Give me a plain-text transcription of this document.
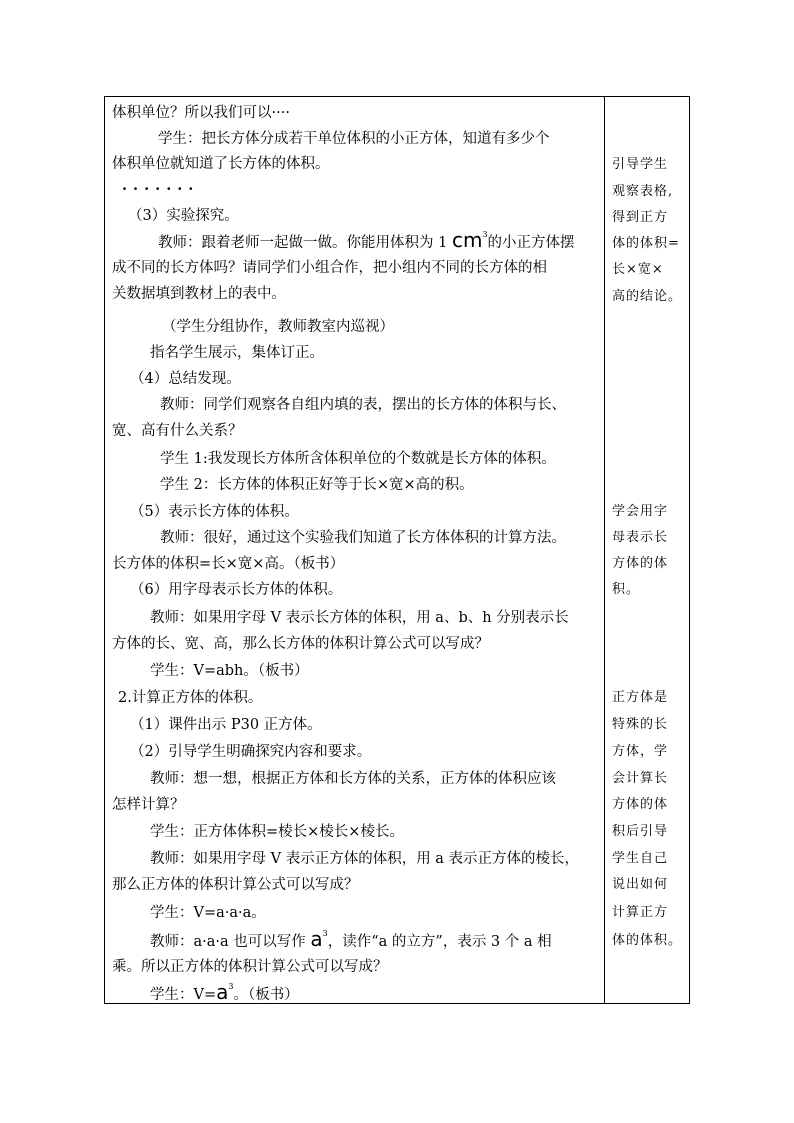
体积单位？所以我们可以····
学生：把长方体分成若干单位体积的小正方体，知道有多少个
体积单位就知道了长方体的体积。
·······
（3）实验探究。
教师：跟着老师一起做一做。你能用体积为 1 $cm^3$的小正方体摆
成不同的长方体吗？请同学们小组合作，把小组内不同的长方体的相
关数据填到教材上的表中。
（学生分组协作，教师教室内巡视）
指名学生展示，集体订正。
（4）总结发现。
教师：同学们观察各自组内填的表，摆出的长方体的体积与长、
宽、高有什么关系？
学生 1:我发现长方体所含体积单位的个数就是长方体的体积。
学生 2：长方体的体积正好等于长×宽×高的积。
（5）表示长方体的体积。
教师：很好，通过这个实验我们知道了长方体体积的计算方法。
长方体的体积=长×宽×高。（板书）
（6）用字母表示长方体的体积。
教师：如果用字母 V 表示长方体的体积，用 a、b、h 分别表示长
方体的长、宽、高，那么长方体的体积计算公式可以写成？
学生：V=abh。（板书）
2.计算正方体的体积。
（1）课件出示 P30 正方体。
（2）引导学生明确探究内容和要求。
教师：想一想，根据正方体和长方体的关系，正方体的体积应该
怎样计算？
学生：正方体体积=棱长×棱长×棱长。
教师：如果用字母 V 表示正方体的体积，用 a 表示正方体的棱长，
那么正方体的体积计算公式可以写成？
学生：V=a·a·a。
教师：a·a·a 也可以写作 $a^3$，读作“a 的立方”，表示 3 个 a 相
乘。所以正方体的体积计算公式可以写成？
学生：$V=a^3$。（板书）
引导学生
观察表格,
得到正方
体的体积=
长×宽×
高的结论。
学会用字
母表示长
方体的体
积。
正方体是
特殊的长
方体，学
会计算长
方体的体
积后引导
学生自己
说出如何
计算正方
体的体积。
